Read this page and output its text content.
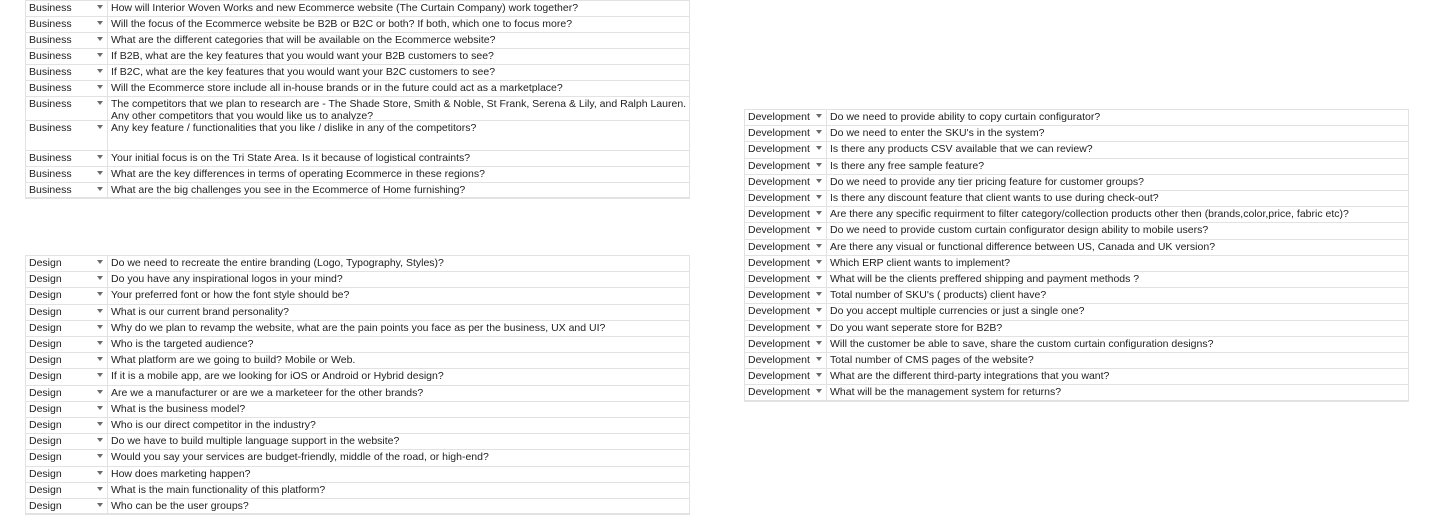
Business	How will Interior Woven Works and new Ecommerce website (The Curtain Company) work together?
Business	Will the focus of the Ecommerce website be B2B or B2C or both? If both, which one to focus more?
Business	What are the different categories that will be available on the Ecommerce website?
Business	If B2B, what are the key features that you would want your B2B customers to see?
Business	If B2C, what are the key features that you would want your B2C customers to see?
Business	Will the Ecommerce store include all in-house brands or in the future could act as a marketplace?
Business	The competitors that we plan to research are - The Shade Store, Smith & Noble, St Frank, Serena & Lily, and Ralph Lauren.
Any other competitors that you would like us to analyze?
Business	Any key feature / functionalities that you like / dislike in any of the competitors?
Business	Your initial focus is on the Tri State Area. Is it because of logistical contraints?
Business	What are the key differences in terms of operating Ecommerce in these regions?
Business	What are the big challenges you see in the Ecommerce of Home furnishing?
Design	Do we need to recreate the entire branding (Logo, Typography, Styles)?
Design	Do you have any inspirational logos in your mind?
Design	Your preferred font or how the font style should be?
Design	What is our current brand personality?
Design	Why do we plan to revamp the website, what are the pain points you face as per the business, UX and UI?
Design	Who is the targeted audience?
Design	What platform are we going to build? Mobile or Web.
Design	If it is a mobile app, are we looking for iOS or Android or Hybrid design?
Design	Are we a manufacturer or are we a marketeer for the other brands?
Design	What is the business model?
Design	Who is our direct competitor in the industry?
Design	Do we have to build multiple language support in the website?
Design	Would you say your services are budget-friendly, middle of the road, or high-end?
Design	How does marketing happen?
Design	What is the main functionality of this platform?
Design	Who can be the user groups?
Development	Do we need to provide ability to copy curtain configurator?
Development	Do we need to enter the SKU's in the system?
Development	Is there any products CSV available that we can review?
Development	Is there any free sample feature?
Development	Do we need to provide any tier pricing feature for customer groups?
Development	Is there any discount feature that client wants to use during check-out?
Development	Are there any specific requirment to filter category/collection products other then (brands,color,price, fabric etc)?
Development	Do we need to provide custom curtain configurator design ability to mobile users?
Development	Are there any visual or functional difference between US, Canada and UK version?
Development	Which ERP client wants to implement?
Development	What will be the clients preffered shipping and payment methods ?
Development	Total number of SKU's ( products) client have?
Development	Do you accept multiple currencies or just a single one?
Development	Do you want seperate store for B2B?
Development	Will the customer be able to save, share the custom curtain configuration designs?
Development	Total number of CMS pages of the website?
Development	What are the different third-party integrations that you want?
Development	What will be the management system for returns?
